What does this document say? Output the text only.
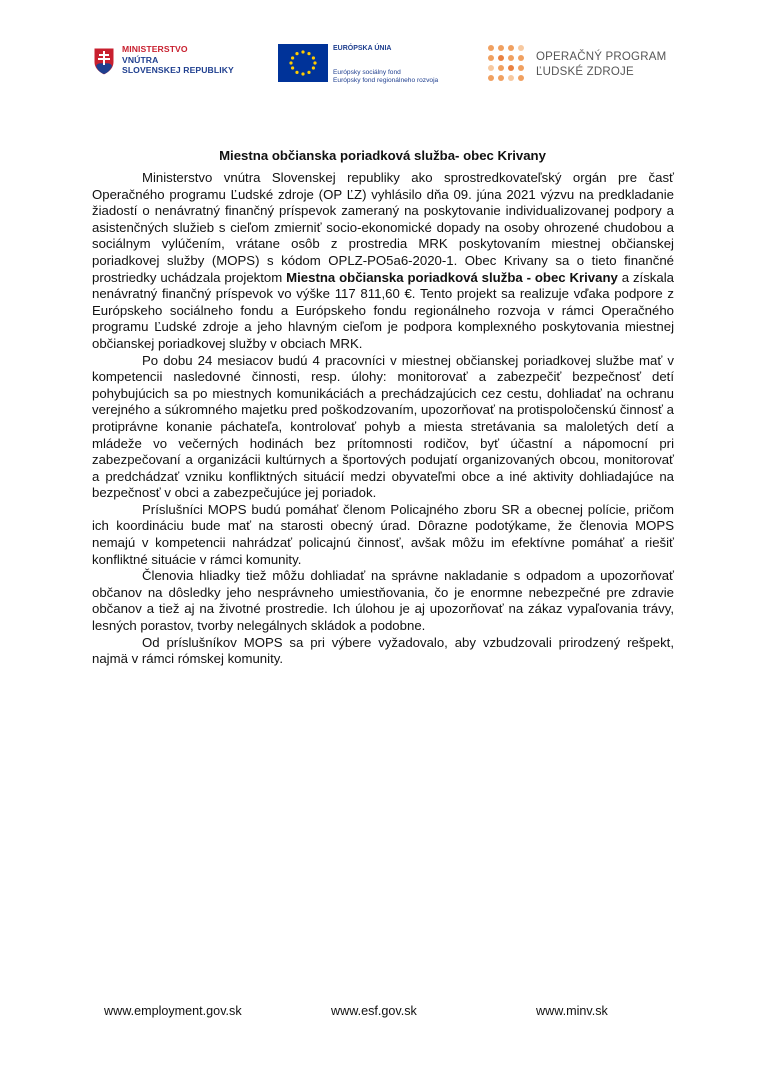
MINISTERSTVO
VNÚTRA
SLOVENSKEJ REPUBLIKY
EURÓPSKA ÚNIA
Európsky sociálny fond
Európsky fond regionálneho rozvoja
OPERAČNÝ PROGRAM
ĽUDSKÉ ZDROJE
Miestna občianska poriadková služba- obec Krivany

Ministerstvo vnútra Slovenskej republiky ako sprostredkovateľský orgán pre časť Operačného programu Ľudské zdroje (OP ĽZ) vyhlásilo dňa 09. júna 2021 výzvu na predkladanie žiadostí o nenávratný finančný príspevok zameraný na poskytovanie individualizovanej podpory a asistenčných služieb s cieľom zmierniť socio-ekonomické dopady na osoby ohrozené chudobou a sociálnym vylúčením, vrátane osôb z prostredia MRK poskytovaním miestnej občianskej poriadkovej služby (MOPS) s kódom OPLZ-PO5a6-2020-1. Obec Krivany sa o tieto finančné prostriedky uchádzala projektom Miestna občianska poriadková služba - obec Krivany a získala nenávratný finančný príspevok vo výške 117 811,60 €. Tento projekt sa realizuje vďaka podpore z Európskeho sociálneho fondu a Európskeho fondu regionálneho rozvoja v rámci Operačného programu Ľudské zdroje a jeho hlavným cieľom je podpora komplexného poskytovania miestnej občianskej poriadkovej služby v obciach MRK.

Po dobu 24 mesiacov budú 4 pracovníci v miestnej občianskej poriadkovej službe mať v kompetencii nasledovné činnosti, resp. úlohy: monitorovať a zabezpečiť bezpečnosť detí pohybujúcich sa po miestnych komunikáciách a prechádzajúcich cez cestu, dohliadať na ochranu verejného a súkromného majetku pred poškodzovaním, upozorňovať na protispoločenskú činnosť a protiprávne konanie páchateľa, kontrolovať pohyb a miesta stretávania sa maloletých detí a mládeže vo večerných hodinách bez prítomnosti rodičov, byť účastní a nápomocní pri zabezpečovaní a organizácii kultúrnych a športových podujatí organizovaných obcou, monitorovať a predchádzať vzniku konfliktných situácií medzi obyvateľmi obce a iné aktivity dohliadajúce na bezpečnosť v obci a zabezpečujúce jej poriadok.

Príslušníci MOPS budú pomáhať členom Policajného zboru SR a obecnej polície, pričom ich koordináciu bude mať na starosti obecný úrad. Dôrazne podotýkame, že členovia MOPS nemajú v kompetencii nahrádzať policajnú činnosť, avšak môžu im efektívne pomáhať a riešiť konfliktné situácie v rámci komunity.

Členovia hliadky tiež môžu dohliadať na správne nakladanie s odpadom a upozorňovať občanov na dôsledky jeho nesprávneho umiestňovania, čo je enormne nebezpečné pre zdravie občanov a tiež aj na životné prostredie. Ich úlohou je aj upozorňovať na zákaz vypaľovania trávy, lesných porastov, tvorby nelegálnych skládok a podobne.

Od príslušníkov MOPS sa pri výbere vyžadovalo, aby vzbudzovali prirodzený rešpekt, najmä v rámci rómskej komunity.

www.employment.gov.sk	www.esf.gov.sk	www.minv.sk
